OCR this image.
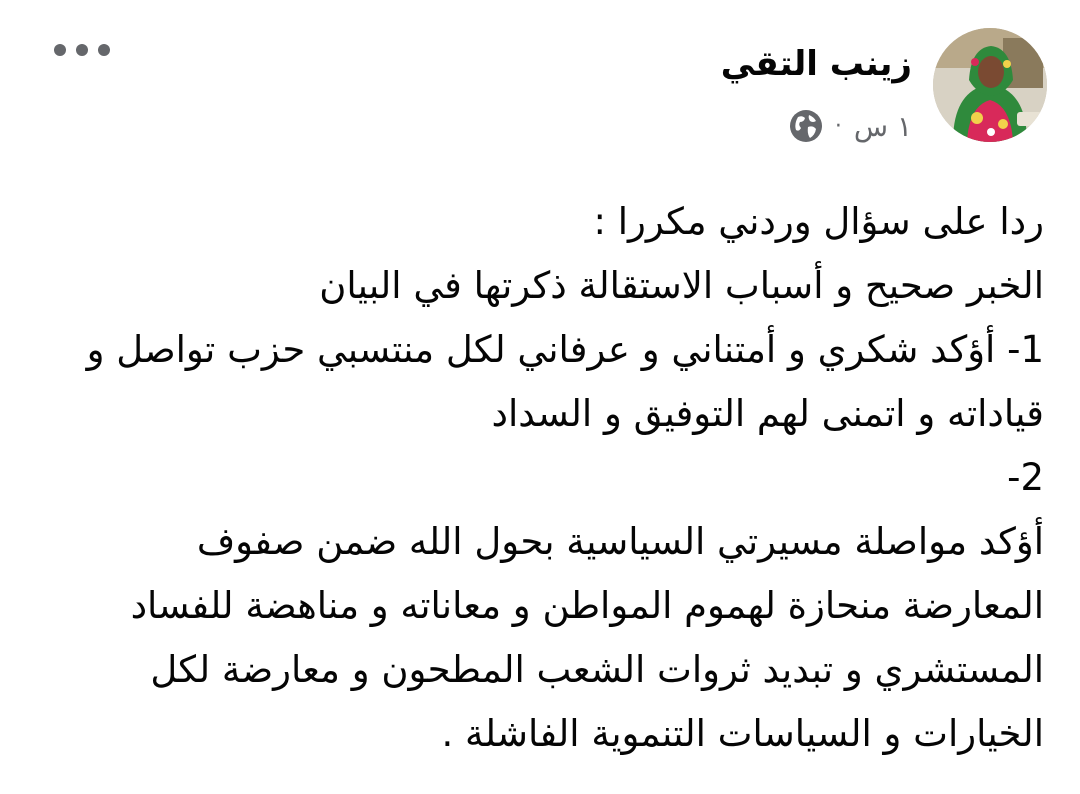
زينب التقي
١ س
·
ردا على سؤال وردني مكررا :
الخبر صحيح و أسباب الاستقالة ذكرتها في البيان
1- أؤكد شكري و أمتناني و عرفاني لكل منتسبي حزب تواصل و
قياداته و اتمنى لهم التوفيق و السداد
2-
أؤكد مواصلة مسيرتي السياسية بحول الله ضمن صفوف
المعارضة منحازة لهموم المواطن و معاناته و مناهضة للفساد
المستشري و تبديد ثروات الشعب المطحون و معارضة لكل
الخيارات و السياسات التنموية الفاشلة .
